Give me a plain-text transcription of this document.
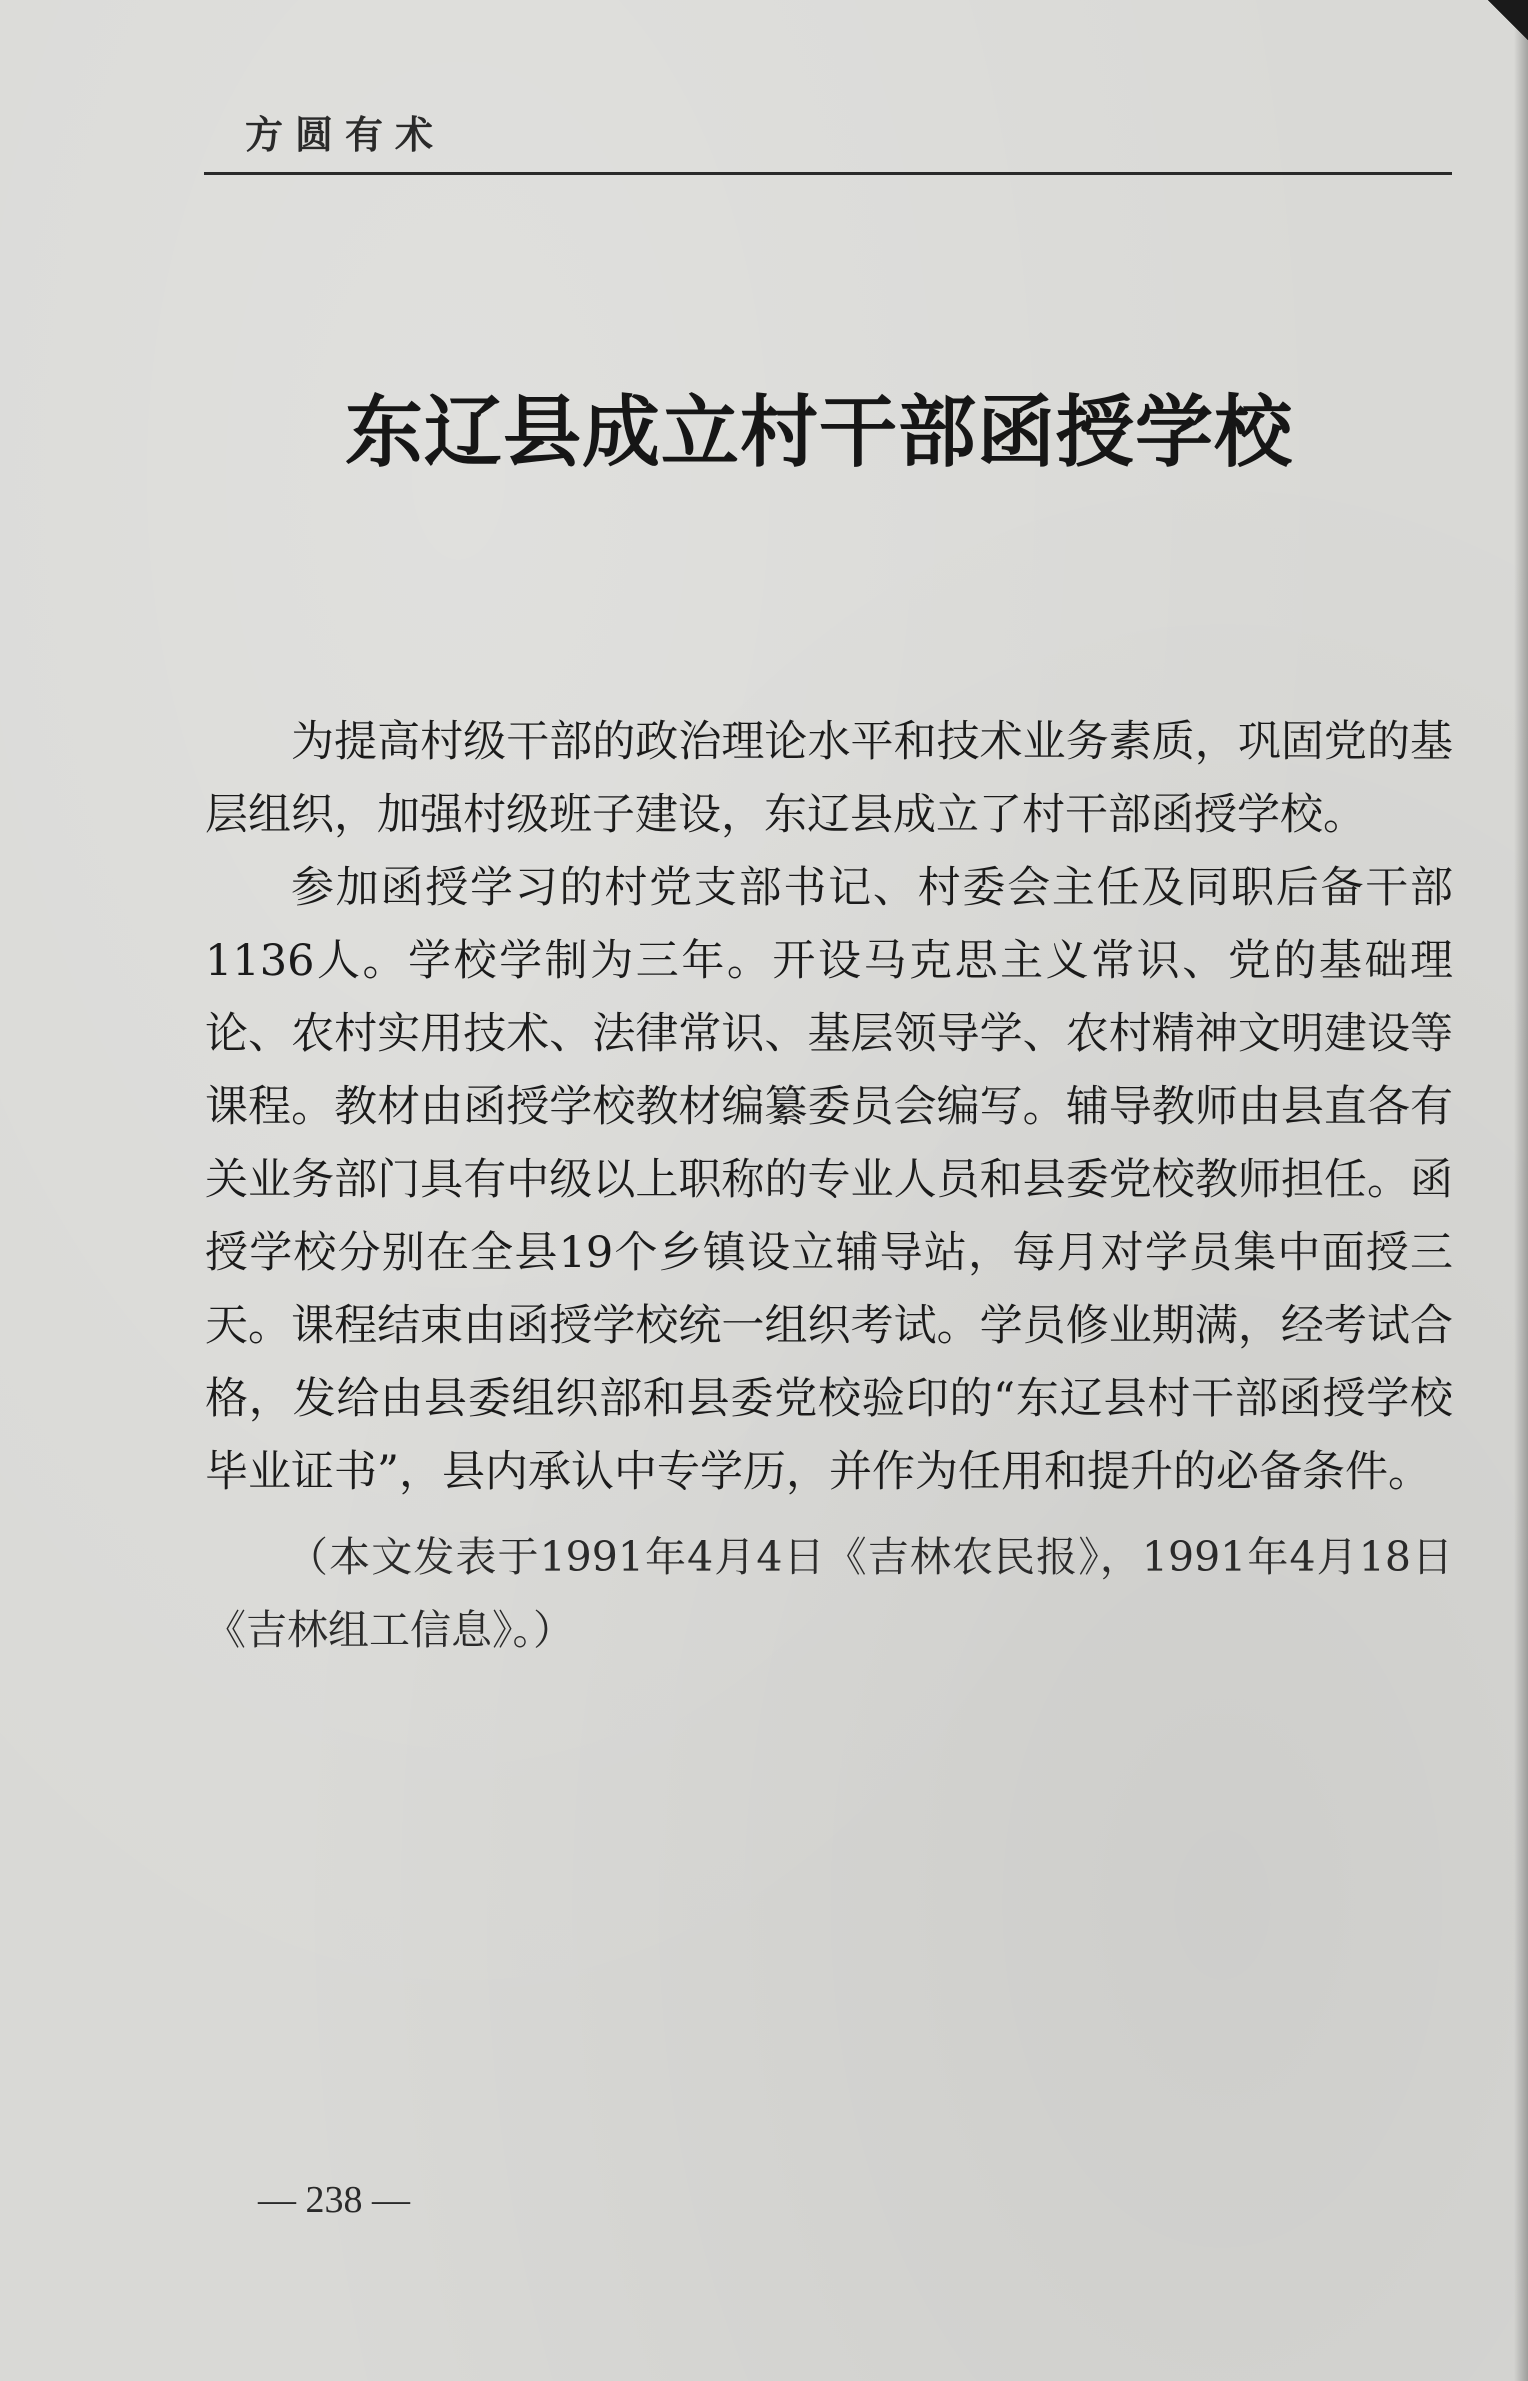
方圆有术
东辽县成立村干部函授学校

为提高村级干部的政治理论水平和技术业务素质，巩固党的基层组织，加强村级班子建设，东辽县成立了村干部函授学校。

参加函授学习的村党支部书记、村委会主任及同职后备干部1136人。学校学制为三年。开设马克思主义常识、党的基础理论、农村实用技术、法律常识、基层领导学、农村精神文明建设等课程。教材由函授学校教材编纂委员会编写。辅导教师由县直各有关业务部门具有中级以上职称的专业人员和县委党校教师担任。函授学校分别在全县19个乡镇设立辅导站，每月对学员集中面授三天。课程结束由函授学校统一组织考试。学员修业期满，经考试合格，发给由县委组织部和县委党校验印的“东辽县村干部函授学校毕业证书”，县内承认中专学历，并作为任用和提升的必备条件。

（本文发表于1991年4月4日《吉林农民报》，1991年4月18日《吉林组工信息》。）

— 238 —
